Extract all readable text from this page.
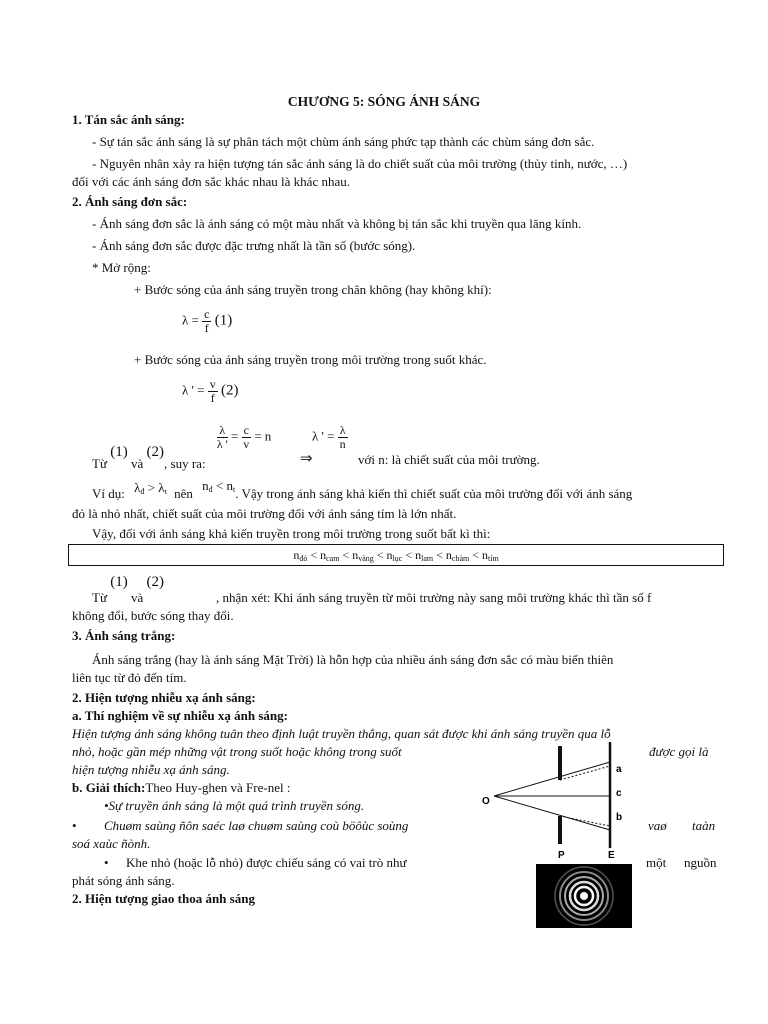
CHƯƠNG 5: SÓNG ÁNH SÁNG
1. Tán sắc ánh sáng:
- Sự tán sắc ánh sáng là sự phân tách một chùm ánh sáng phức tạp thành các chùm sáng đơn sắc.
- Nguyên nhân xảy ra hiện tượng tán sắc ánh sáng là do chiết suất của môi trường (thủy tinh, nước, …)
đối với các ánh sáng đơn sắc khác nhau là khác nhau.
2. Ánh sáng đơn sắc:
- Ánh sáng đơn sắc là ánh sáng có một màu nhất và không bị tán sắc khi truyền qua lăng kính.
- Ánh sáng đơn sắc được đặc trưng nhất là tần số (bước sóng).
* Mở rộng:
+ Bước sóng của ánh sáng truyền trong chân không (hay không khí):
$\lambda = \frac{c}{f} (1)$
+ Bước sóng của ánh sáng truyền trong môi trường trong suốt khác.
λ ' = $\frac{v}{f} (2)$
Từ (1) và (2), suy ra:
$\frac{\lambda}{\lambda '} = \frac{c}{v} = n$
⇒
λ ' = $\frac{\lambda}{n}$
với n: là chiết suất của môi trường.
Ví dụ: $\lambda_đ > \lambda_t$ nên $n_đ < n_t$. Vậy trong ánh sáng khả kiến thì chiết suất của môi trường đối với ánh sáng
đỏ là nhỏ nhất, chiết suất của môi trường đối với ánh sáng tím là lớn nhất.
Vậy, đối với ánh sáng khả kiến truyền trong môi trường trong suốt bất kì thì:
$n_{đỏ} < n_{cam} < n_{vàng} < n_{lục} < n_{lam} < n_{chàm} < n_{tím}$
Từ (1) và (2)
, nhận xét: Khi ánh sáng truyền từ môi trường này sang môi trường khác thì tần số f
không đổi, bước sóng thay đổi.
3. Ánh sáng trắng:
Ánh sáng trắng (hay là ánh sáng Mặt Trời) là hỗn hợp của nhiều ánh sáng đơn sắc có màu biến thiên
liên tục từ đỏ đến tím.
2. Hiện tượng nhiễu xạ ánh sáng:
a. Thí nghiệm về sự nhiễu xạ ánh sáng:
Hiện tượng ánh sáng không tuân theo định luật truyền thẳng, quan sát được khi ánh sáng truyền qua lỗ
nhỏ, hoặc gần mép những vật trong suốt hoặc không trong suốt	được gọi là
hiện tượng nhiễu xạ ánh sáng.
b. Giải thích:Theo Huy-ghen và Fre-nel :
•Sự truyền ánh sáng là một quá trình truyền sóng.
• Chuøm saùng ñôn saéc laø chuøm saùng coù böôùc soùng	vaø taàn
soá xaùc ñònh.
• Khe nhỏ (hoặc lỗ nhỏ) được chiếu sáng có vai trò như	một nguồn
phát sóng ánh sáng.
2. Hiện tượng giao thoa ánh sáng
O
a
c
b
P	E
